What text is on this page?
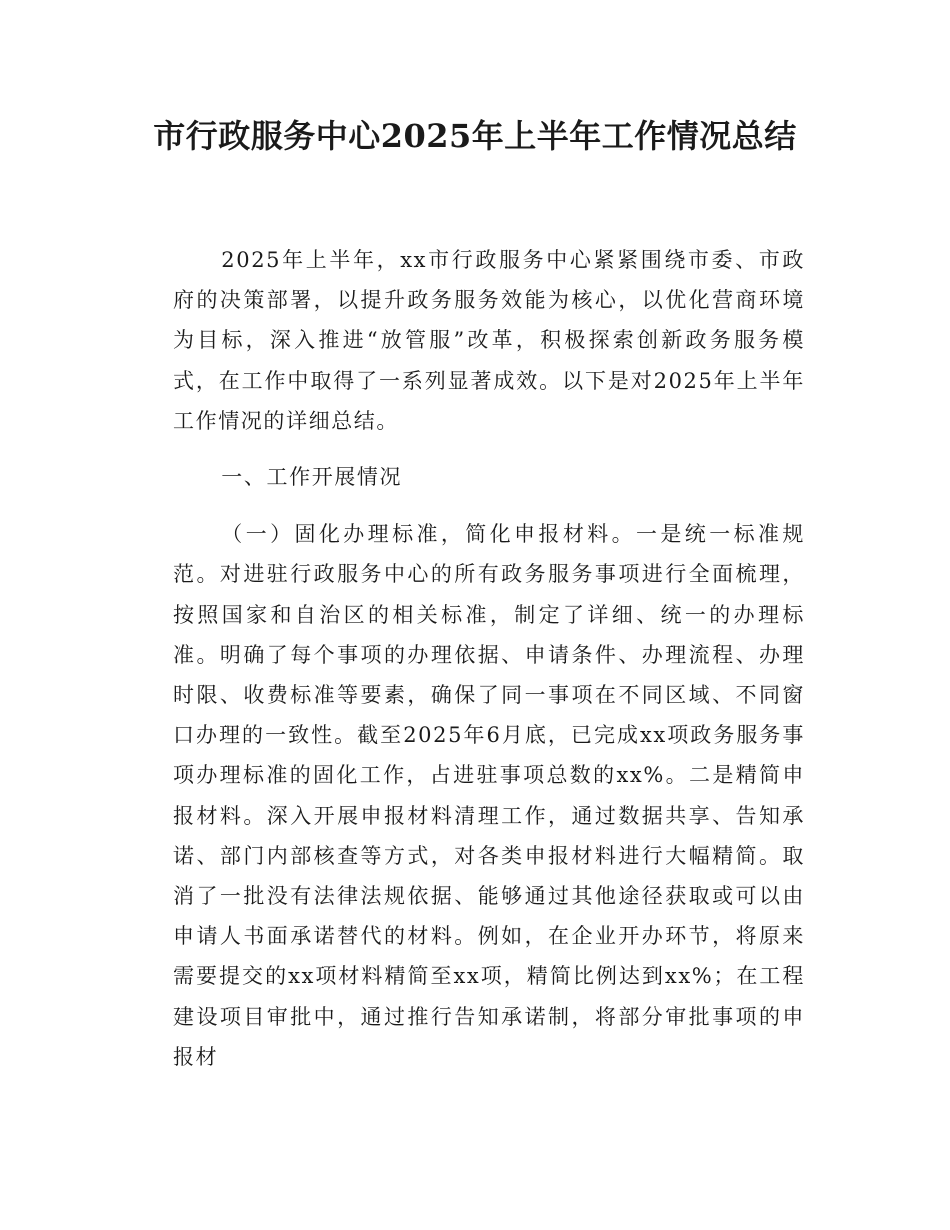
市行政服务中心2025年上半年工作情况总结

2025年上半年，xx市行政服务中心紧紧围绕市委、市政府的决策部署，以提升政务服务效能为核心，以优化营商环境为目标，深入推进“放管服”改革，积极探索创新政务服务模式，在工作中取得了一系列显著成效。以下是对2025年上半年工作情况的详细总结。

一、工作开展情况

（一）固化办理标准，简化申报材料。一是统一标准规范。对进驻行政服务中心的所有政务服务事项进行全面梳理，按照国家和自治区的相关标准，制定了详细、统一的办理标准。明确了每个事项的办理依据、申请条件、办理流程、办理时限、收费标准等要素，确保了同一事项在不同区域、不同窗口办理的一致性。截至2025年6月底，已完成xx项政务服务事项办理标准的固化工作，占进驻事项总数的xx%。二是精简申报材料。深入开展申报材料清理工作，通过数据共享、告知承诺、部门内部核查等方式，对各类申报材料进行大幅精简。取消了一批没有法律法规依据、能够通过其他途径获取或可以由申请人书面承诺替代的材料。例如，在企业开办环节，将原来需要提交的xx项材料精简至xx项，精简比例达到xx%；在工程建设项目审批中，通过推行告知承诺制，将部分审批事项的申报材
